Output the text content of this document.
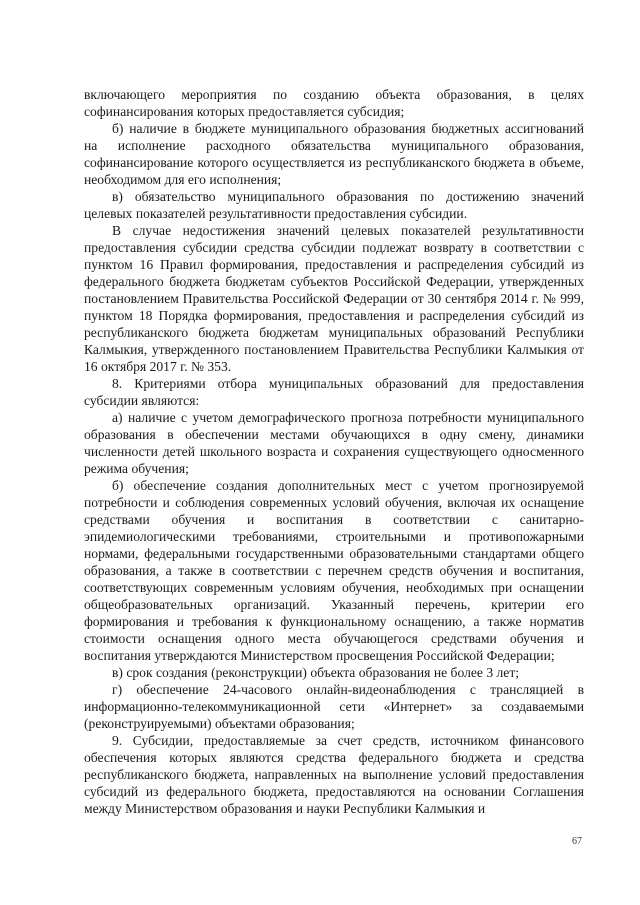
включающего мероприятия по созданию объекта образования, в целях софинансирования которых предоставляется субсидия;

б) наличие в бюджете муниципального образования бюджетных ассигнований на исполнение расходного обязательства муниципального образования, софинансирование которого осуществляется из республиканского бюджета в объеме, необходимом для его исполнения;

в) обязательство муниципального образования по достижению значений целевых показателей результативности предоставления субсидии.

В случае недостижения значений целевых показателей результативности предоставления субсидии средства субсидии подлежат возврату в соответствии с пунктом 16 Правил формирования, предоставления и распределения субсидий из федерального бюджета бюджетам субъектов Российской Федерации, утвержденных постановлением Правительства Российской Федерации от 30 сентября 2014 г. № 999, пунктом 18 Порядка формирования, предоставления и распределения субсидий из республиканского бюджета бюджетам муниципальных образований Республики Калмыкия, утвержденного постановлением Правительства Республики Калмыкия от 16 октября 2017 г. № 353.

8. Критериями отбора муниципальных образований для предоставления субсидии являются:

а) наличие с учетом демографического прогноза потребности муниципального образования в обеспечении местами обучающихся в одну смену, динамики численности детей школьного возраста и сохранения существующего односменного режима обучения;

б) обеспечение создания дополнительных мест с учетом прогнозируемой потребности и соблюдения современных условий обучения, включая их оснащение средствами обучения и воспитания в соответствии с санитарно-эпидемиологическими требованиями, строительными и противопожарными нормами, федеральными государственными образовательными стандартами общего образования, а также в соответствии с перечнем средств обучения и воспитания, соответствующих современным условиям обучения, необходимых при оснащении общеобразовательных организаций. Указанный перечень, критерии его формирования и требования к функциональному оснащению, а также норматив стоимости оснащения одного места обучающегося средствами обучения и воспитания утверждаются Министерством просвещения Российской Федерации;

в) срок создания (реконструкции) объекта образования не более 3 лет;

г) обеспечение 24-часового онлайн-видеонаблюдения с трансляцией в информационно-телекоммуникационной сети «Интернет» за создаваемыми (реконструируемыми) объектами образования;

9. Субсидии, предоставляемые за счет средств, источником финансового обеспечения которых являются средства федерального бюджета и средства республиканского бюджета, направленных на выполнение условий предоставления субсидий из федерального бюджета, предоставляются на основании Соглашения между Министерством образования и науки Республики Калмыкия и

67
